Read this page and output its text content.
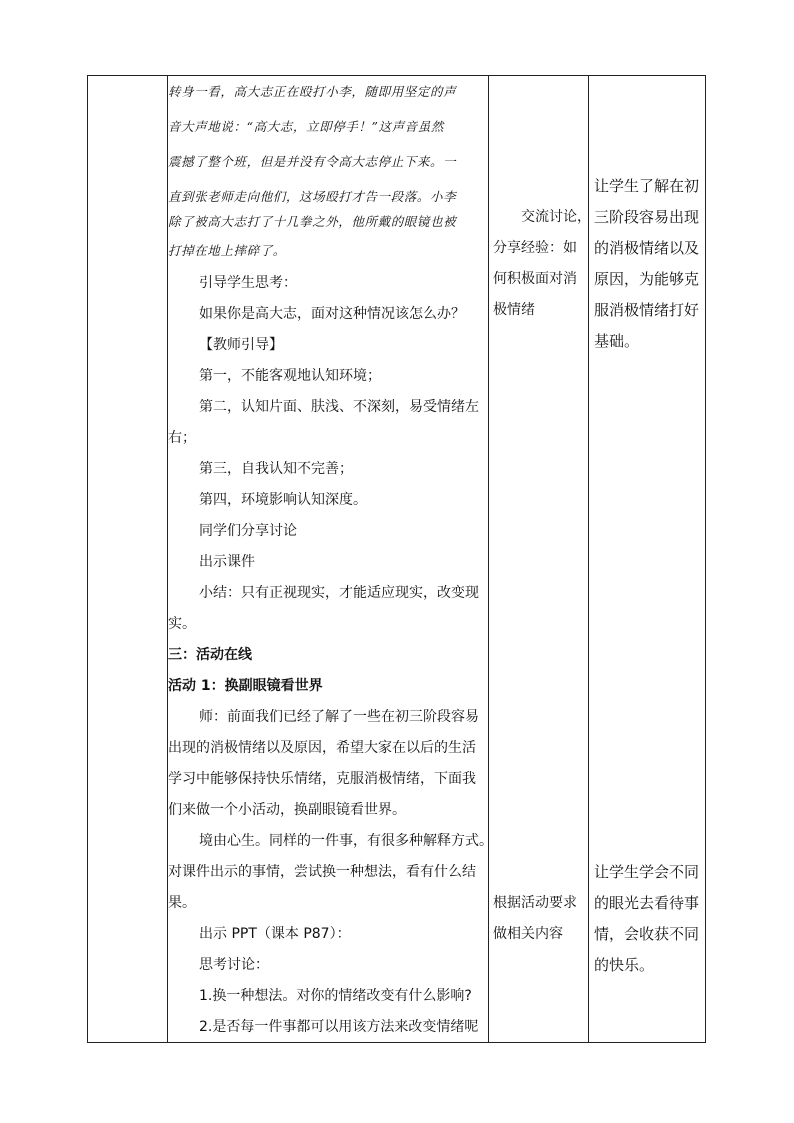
转身一看，高大志正在殴打小李，随即用坚定的声
音大声地说：“高大志，立即停手！”这声音虽然
震撼了整个班，但是并没有令高大志停止下来。一
直到张老师走向他们，这场殴打才告一段落。小李
除了被高大志打了十几拳之外，他所戴的眼镜也被
打掉在地上摔碎了。
引导学生思考：
如果你是高大志，面对这种情况该怎么办？
【教师引导】
第一，不能客观地认知环境；
第二，认知片面、肤浅、不深刻，易受情绪左
右；
第三，自我认知不完善；
第四，环境影响认知深度。
同学们分享讨论
出示课件
小结：只有正视现实，才能适应现实，改变现
实。
三：活动在线
活动 1：换副眼镜看世界
师：前面我们已经了解了一些在初三阶段容易
出现的消极情绪以及原因，希望大家在以后的生活
学习中能够保持快乐情绪，克服消极情绪，下面我
们来做一个小活动，换副眼镜看世界。
境由心生。同样的一件事，有很多种解释方式。
对课件出示的事情，尝试换一种想法，看有什么结
果。
出示 PPT（课本 P87）：
思考讨论：
1.换一种想法。对你的情绪改变有什么影响?
2.是否每一件事都可以用该方法来改变情绪呢
交流讨论，
分享经验：如
何积极面对消
极情绪
根据活动要求
做相关内容
让学生了解在初
三阶段容易出现
的消极情绪以及
原因，为能够克
服消极情绪打好
基础。
让学生学会不同
的眼光去看待事
情，会收获不同
的快乐。
